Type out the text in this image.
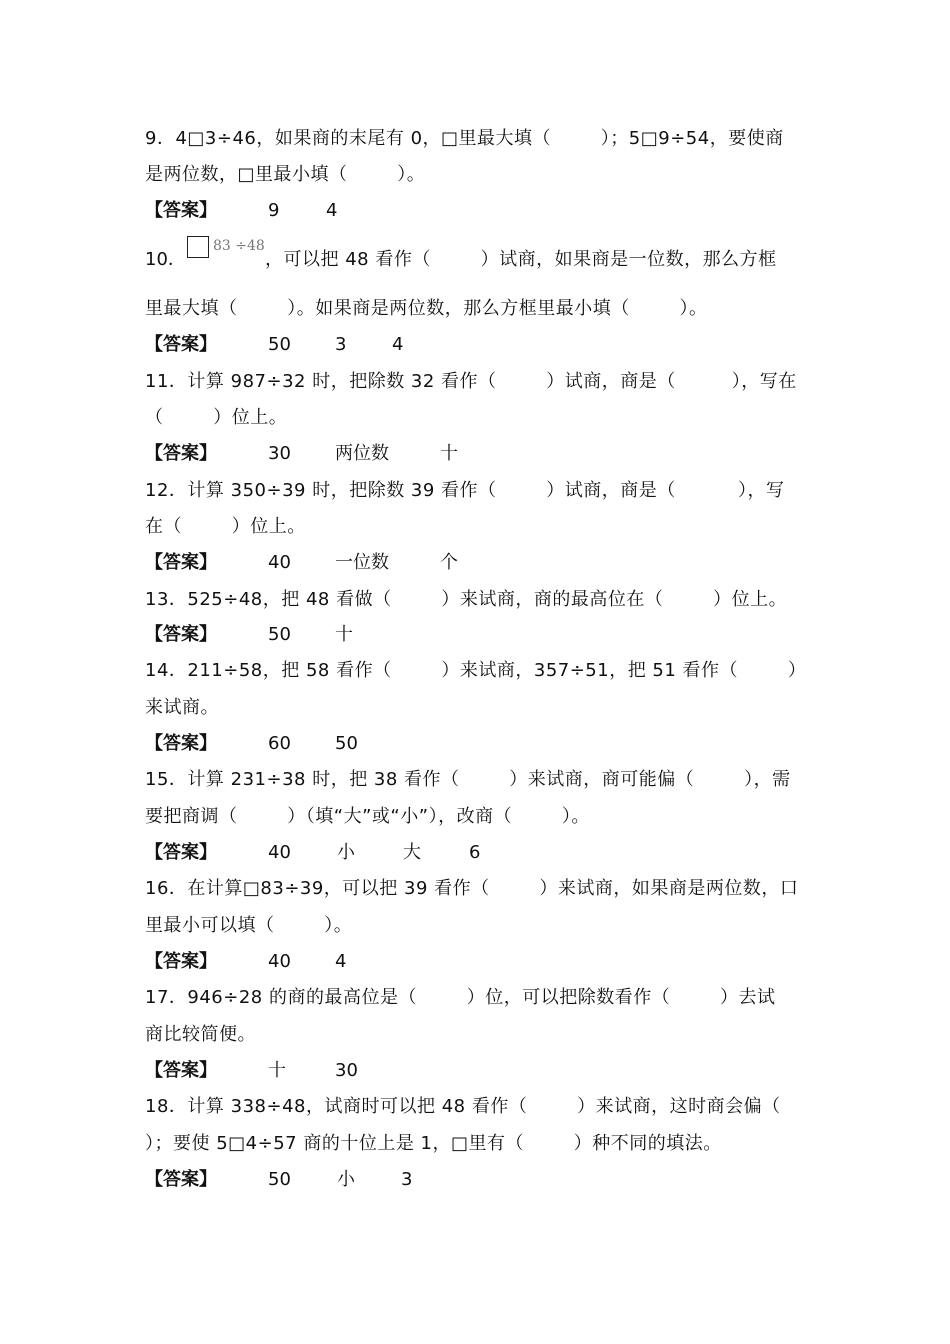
9．4□3÷46，如果商的末尾有 0，□里最大填（        ）；5□9÷54，要使商
是两位数，□里最小填（        ）。
【答案】	9	4
10．
83 ÷48
，可以把 48 看作（        ）试商，如果商是一位数，那么方框
里最大填（        ）。如果商是两位数，那么方框里最小填（        ）。
【答案】	50 3	4
11．计算 987÷32 时，把除数 32 看作（        ）试商，商是（         ），写在
（        ）位上。
【答案】	30 两位数	十
12．计算 350÷39 时，把除数 39 看作（        ）试商，商是（          ），写
在（        ）位上。
【答案】	40 一位数	个
13．525÷48，把 48 看做（        ）来试商，商的最高位在（        ）位上。
【答案】	50 十
14．211÷58，把 58 看作（        ）来试商，357÷51，把 51 看作（        ）
来试商。
【答案】	60 50
15．计算 231÷38 时，把 38 看作（        ）来试商，商可能偏（        ），需
要把商调（        ）（填“大”或“小”），改商（        ）。
【答案】	40	小	大	6
16．在计算□83÷39，可以把 39 看作（        ）来试商，如果商是两位数，口
里最小可以填（        ）。
【答案】	40 4
17．946÷28 的商的最高位是（        ）位，可以把除数看作（        ）去试
商比较简便。
【答案】	十	30
18．计算 338÷48，试商时可以把 48 看作（        ）来试商，这时商会偏（
）；要使 5□4÷57 商的十位上是 1，□里有（        ）种不同的填法。
【答案】	50	小	3
